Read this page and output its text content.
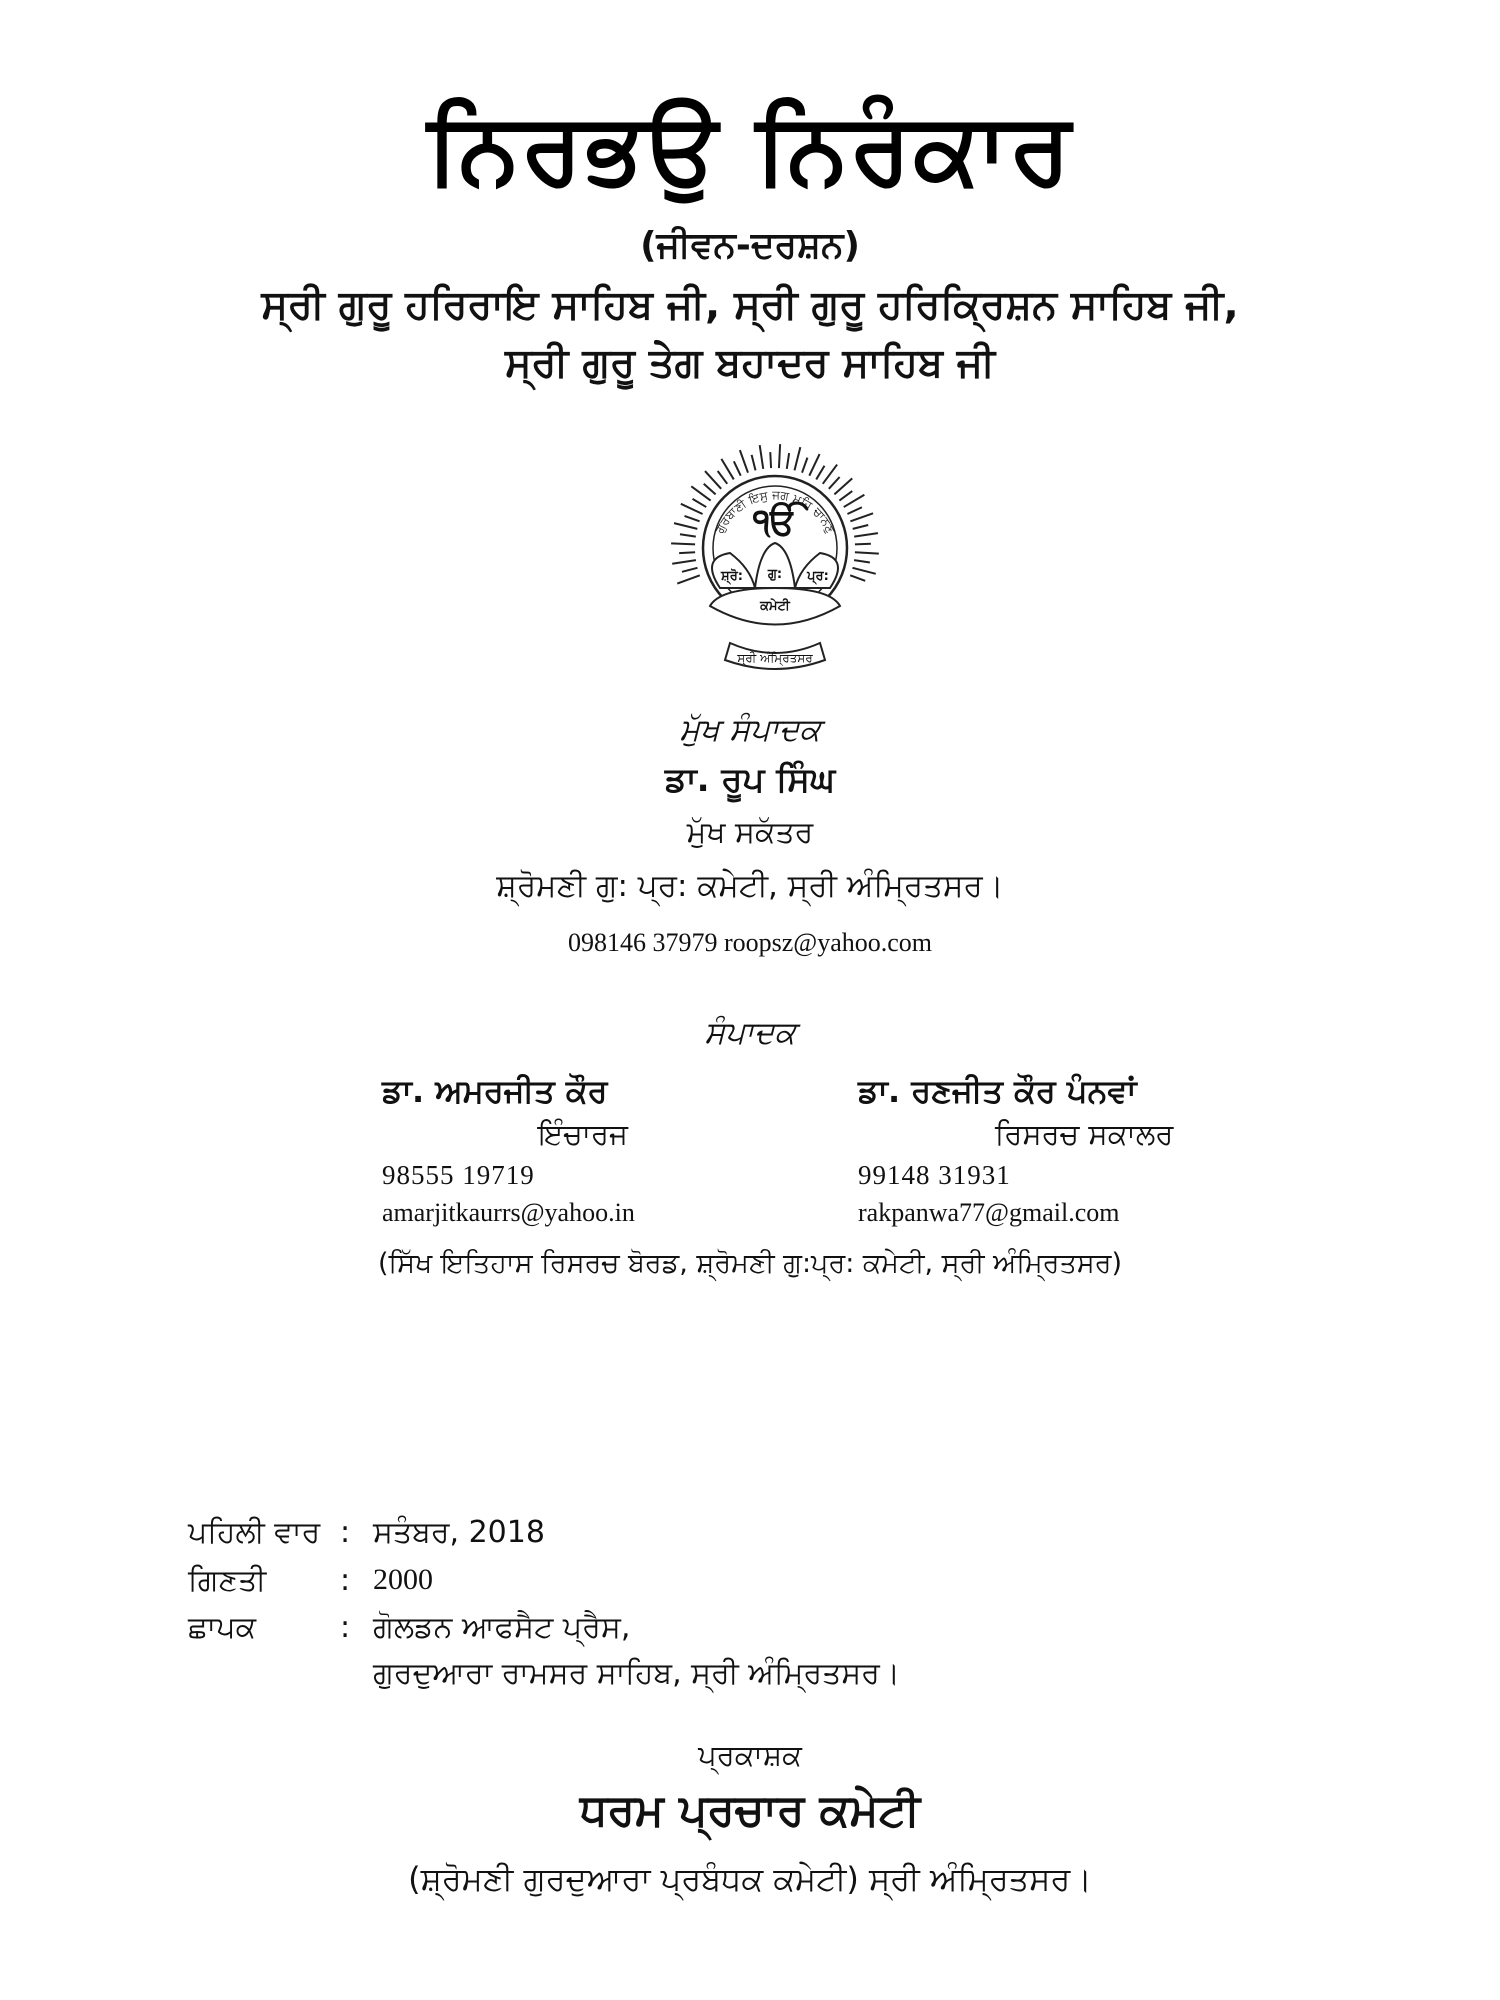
ਨਿਰਭਉ ਨਿਰੰਕਾਰ
(ਜੀਵਨ-ਦਰਸ਼ਨ)
ਸ੍ਰੀ ਗੁਰੂ ਹਰਿਰਾਇ ਸਾਹਿਬ ਜੀ, ਸ੍ਰੀ ਗੁਰੂ ਹਰਿਕ੍ਰਿਸ਼ਨ ਸਾਹਿਬ ਜੀ,
ਸ੍ਰੀ ਗੁਰੂ ਤੇਗ ਬਹਾਦਰ ਸਾਹਿਬ ਜੀ
ਗੁਰਬਾਣੀ ਇਸੁ ਜਗ ਮਹਿ ਚਾਨਣੁ
ੴ
ਸ਼੍ਰੋ: ਗੁ: ਪ੍ਰ:
ਕਮੇਟੀ
ਸ੍ਰੀ ਅੰਮ੍ਰਿਤਸਰ
ਮੁੱਖ ਸੰਪਾਦਕ
ਡਾ. ਰੂਪ ਸਿੰਘ
ਮੁੱਖ ਸਕੱਤਰ
ਸ਼੍ਰੋਮਣੀ ਗੁ: ਪ੍ਰ: ਕਮੇਟੀ, ਸ੍ਰੀ ਅੰਮ੍ਰਿਤਸਰ।
098146 37979 roopsz@yahoo.com
ਸੰਪਾਦਕ
ਡਾ. ਅਮਰਜੀਤ ਕੌਰ
ਇੰਚਾਰਜ
98555 19719
amarjitkaurrs@yahoo.in
ਡਾ. ਰਣਜੀਤ ਕੌਰ ਪੰਨਵਾਂ
ਰਿਸਰਚ ਸਕਾਲਰ
99148 31931
rakpanwa77@gmail.com
(ਸਿੱਖ ਇਤਿਹਾਸ ਰਿਸਰਚ ਬੋਰਡ, ਸ਼੍ਰੋਮਣੀ ਗੁ:ਪ੍ਰ: ਕਮੇਟੀ, ਸ੍ਰੀ ਅੰਮ੍ਰਿਤਸਰ)
ਪਹਿਲੀ ਵਾਰ : ਸਤੰਬਰ, 2018
ਗਿਣਤੀ : 2000
ਛਾਪਕ	: ਗੋਲਡਨ ਆਫਸੈਟ ਪ੍ਰੈਸ,
ਗੁਰਦੁਆਰਾ ਰਾਮਸਰ ਸਾਹਿਬ, ਸ੍ਰੀ ਅੰਮ੍ਰਿਤਸਰ।
ਪ੍ਰਕਾਸ਼ਕ
ਧਰਮ ਪ੍ਰਚਾਰ ਕਮੇਟੀ
(ਸ਼੍ਰੋਮਣੀ ਗੁਰਦੁਆਰਾ ਪ੍ਰਬੰਧਕ ਕਮੇਟੀ) ਸ੍ਰੀ ਅੰਮ੍ਰਿਤਸਰ।
